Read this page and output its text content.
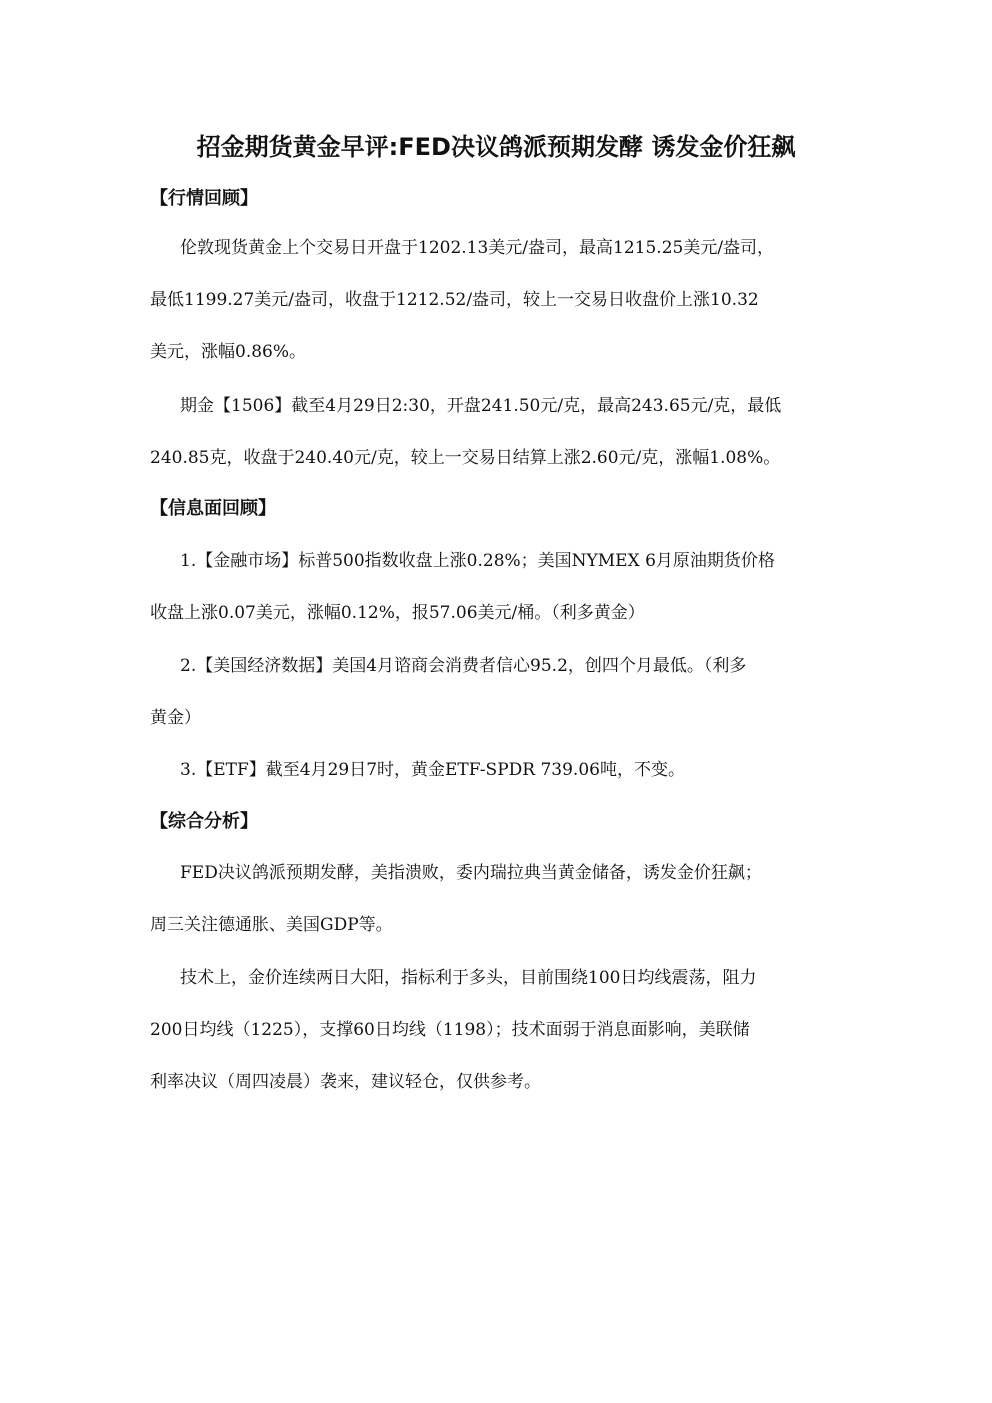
招金期货黄金早评:FED决议鸽派预期发酵 诱发金价狂飙
【行情回顾】
伦敦现货黄金上个交易日开盘于1202.13美元/盎司，最高1215.25美元/盎司，
最低1199.27美元/盎司，收盘于1212.52/盎司，较上一交易日收盘价上涨10.32
美元，涨幅0.86%。
期金【1506】截至4月29日2:30，开盘241.50元/克，最高243.65元/克，最低
240.85克，收盘于240.40元/克，较上一交易日结算上涨2.60元/克，涨幅1.08%。
【信息面回顾】
1.【金融市场】标普500指数收盘上涨0.28%；美国NYMEX 6月原油期货价格
收盘上涨0.07美元，涨幅0.12%，报57.06美元/桶。（利多黄金）
2.【美国经济数据】美国4月谘商会消费者信心95.2，创四个月最低。（利多
黄金）
3.【ETF】截至4月29日7时，黄金ETF-SPDR 739.06吨，不变。
【综合分析】
FED决议鸽派预期发酵，美指溃败，委内瑞拉典当黄金储备，诱发金价狂飙；
周三关注德通胀、美国GDP等。
技术上，金价连续两日大阳，指标利于多头，目前围绕100日均线震荡，阻力
200日均线（1225），支撑60日均线（1198）；技术面弱于消息面影响，美联储
利率决议（周四凌晨）袭来，建议轻仓，仅供参考。
